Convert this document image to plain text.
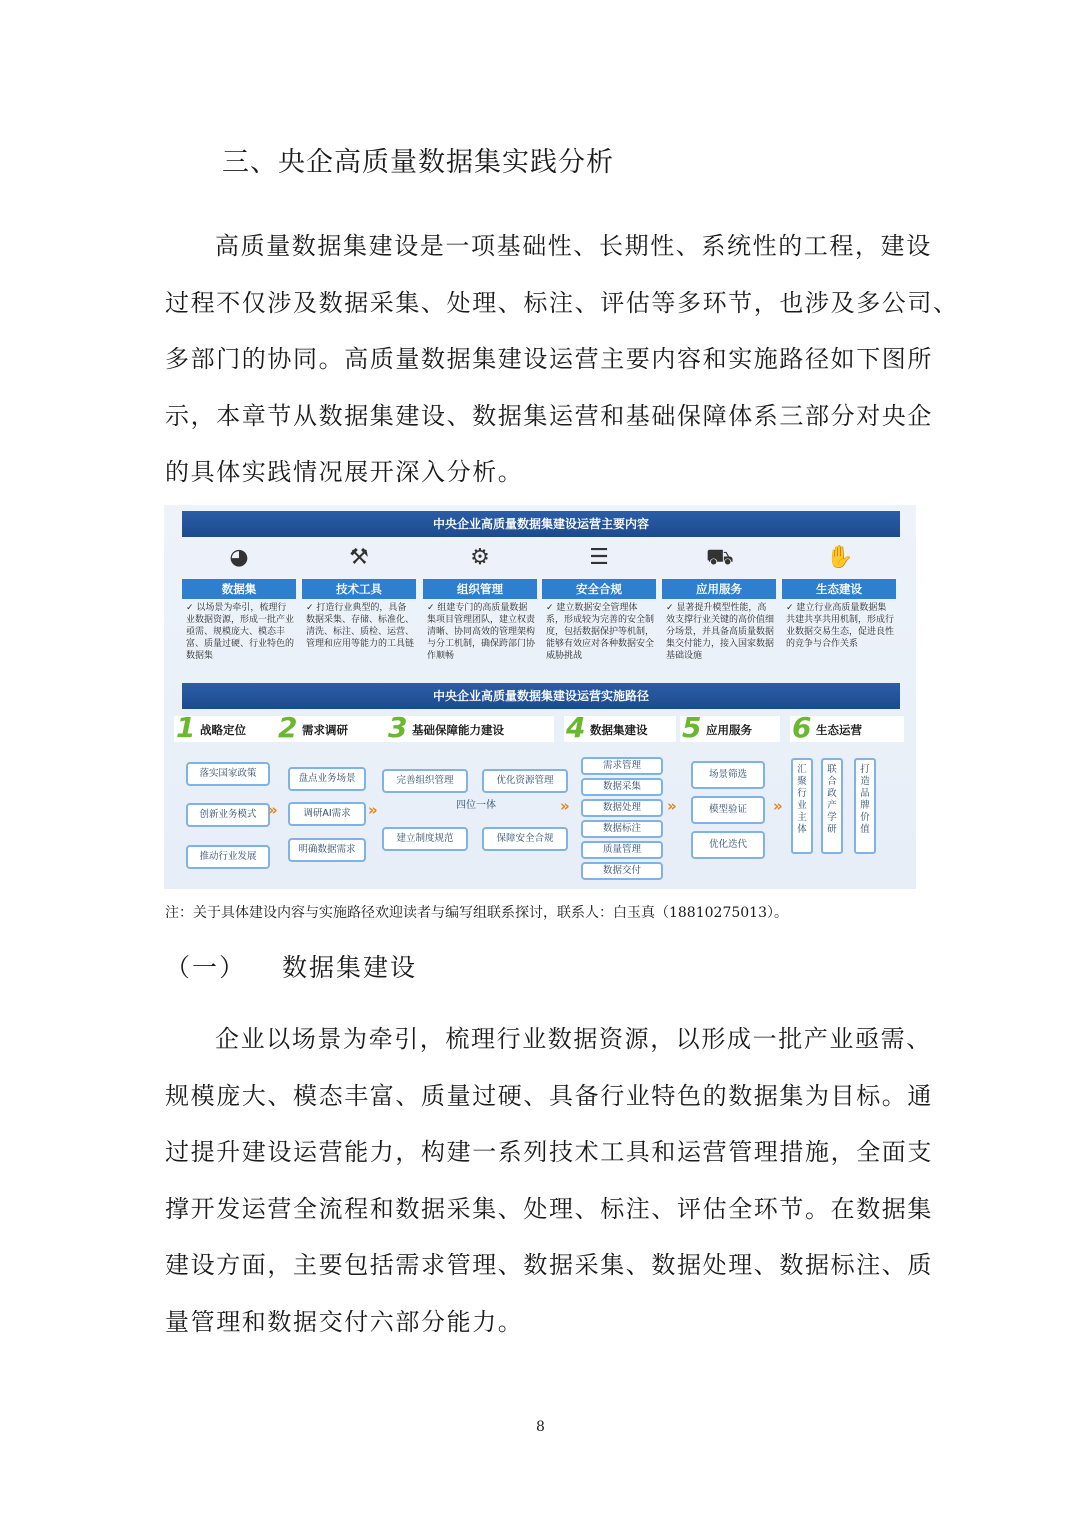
三、央企高质量数据集实践分析

高质量数据集建设是一项基础性、长期性、系统性的工程，建设
过程不仅涉及数据采集、处理、标注、评估等多环节，也涉及多公司、
多部门的协同。高质量数据集建设运营主要内容和实施路径如下图所
示，本章节从数据集建设、数据集运营和基础保障体系三部分对央企
的具体实践情况展开深入分析。

中央企业高质量数据集建设运营主要内容
◕
数据集
✓ 以场景为牵引，梳理行业数据资源，形成一批产业亟需、规模庞大、模态丰富、质量过硬、行业特色的数据集
⚒
技术工具
✓ 打造行业典型的，具备数据采集、存储、标准化、清洗、标注、质检、运营、管理和应用等能力的工具链
⚙
组织管理
✓ 组建专门的高质量数据集项目管理团队，建立权责清晰、协同高效的管理架构与分工机制，确保跨部门协作顺畅
☰
安全合规
✓ 建立数据安全管理体系，形成较为完善的安全制度，包括数据保护等机制，能够有效应对各种数据安全威胁挑战
⛟
应用服务
✓ 显著提升模型性能，高效支撑行业关键的高价值细分场景，并具备高质量数据集交付能力，接入国家数据基础设施
✋
生态建设
✓ 建立行业高质量数据集共建共享共用机制，形成行业数据交易生态，促进良性的竞争与合作关系
中央企业高质量数据集建设运营实施路径
1 战略定位 2 需求调研 3 基础保障能力建设 4 数据集建设 5 应用服务 6 生态运营
落实国家政策
创新业务模式
推动行业发展
»
盘点业务场景
调研AI需求
明确数据需求
»
完善组织管理	优化资源管理
四位一体
建立制度规范	保障安全合规
»
需求管理
数据采集
数据处理
数据标注
质量管理
数据交付
»
场景筛选
模型验证
优化迭代
»
汇聚行业主体
联合政产学研
打造品牌价值
注：关于具体建设内容与实施路径欢迎读者与编写组联系探讨，联系人：白玉真（18810275013）。
（一） 数据集建设

企业以场景为牵引，梳理行业数据资源，以形成一批产业亟需、
规模庞大、模态丰富、质量过硬、具备行业特色的数据集为目标。通
过提升建设运营能力，构建一系列技术工具和运营管理措施，全面支
撑开发运营全流程和数据采集、处理、标注、评估全环节。在数据集
建设方面，主要包括需求管理、数据采集、数据处理、数据标注、质
量管理和数据交付六部分能力。

8
